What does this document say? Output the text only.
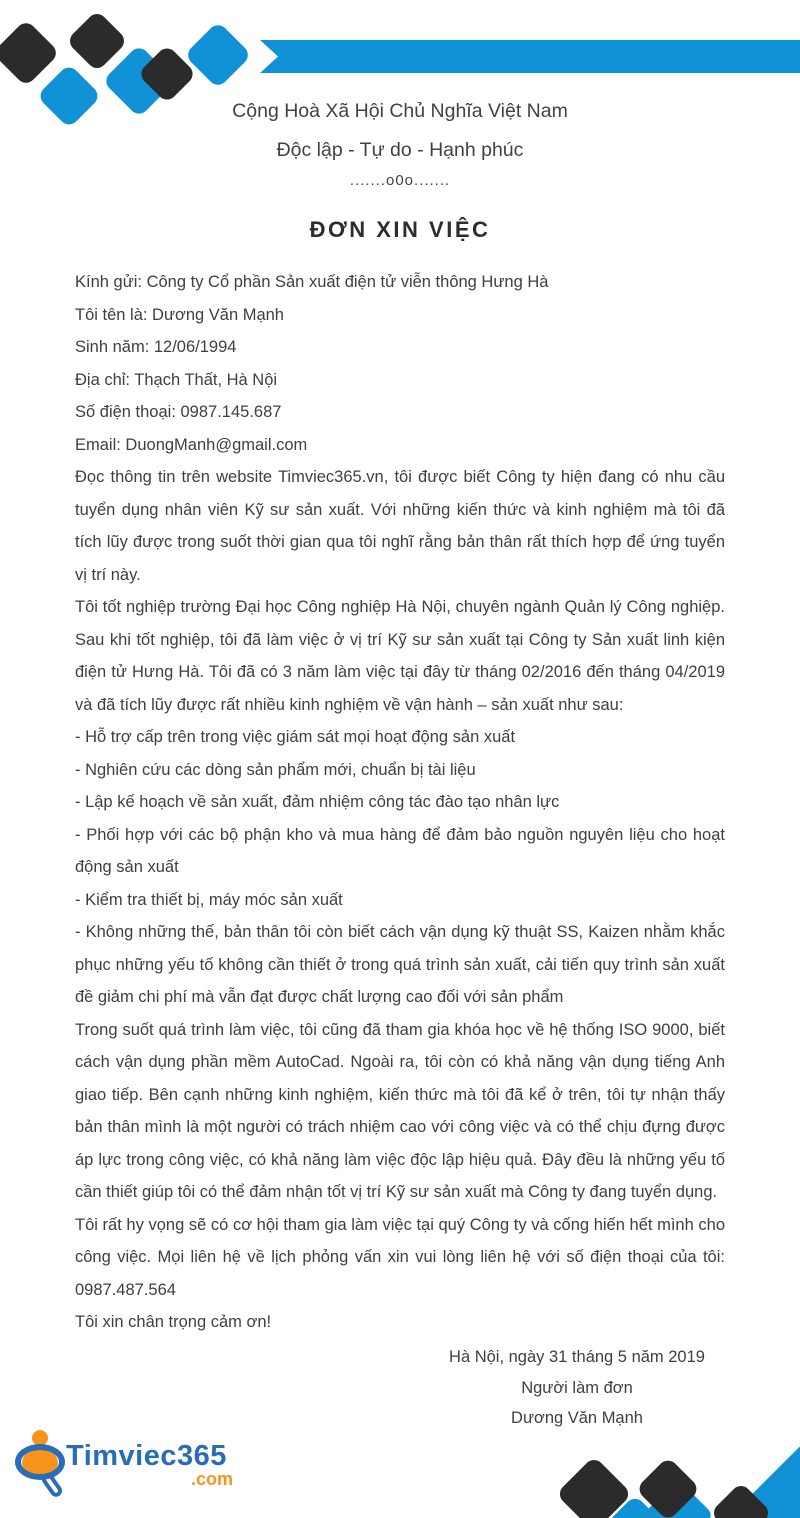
Cộng Hoà Xã Hội Chủ Nghĩa Việt Nam
Độc lập - Tự do - Hạnh phúc
.......o0o.......
ĐƠN XIN VIỆC

Kính gửi: Công ty Cổ phần Sản xuất điện tử viễn thông Hưng Hà

Tôi tên là: Dương Văn Mạnh

Sinh năm: 12/06/1994

Địa chỉ: Thạch Thất, Hà Nội

Số điện thoại: 0987.145.687

Email: DuongManh@gmail.com

Đọc thông tin trên website Timviec365.vn, tôi được biết Công ty hiện đang có nhu cầu tuyển dụng nhân viên Kỹ sư sản xuất. Với những kiến thức và kinh nghiệm mà tôi đã tích lũy được trong suốt thời gian qua tôi nghĩ rằng bản thân rất thích hợp để ứng tuyển vị trí này.

Tôi tốt nghiệp trường Đại học Công nghiệp Hà Nội, chuyên ngành Quản lý Công nghiệp. Sau khi tốt nghiệp, tôi đã làm việc ở vị trí Kỹ sư sản xuất tại Công ty Sản xuất linh kiện điện tử Hưng Hà. Tôi đã có 3 năm làm việc tại đây từ tháng 02/2016 đến tháng 04/2019 và đã tích lũy được rất nhiều kinh nghiệm về vận hành – sản xuất như sau:

- Hỗ trợ cấp trên trong việc giám sát mọi hoạt động sản xuất

- Nghiên cứu các dòng sản phẩm mới, chuẩn bị tài liệu

- Lập kế hoạch về sản xuất, đảm nhiệm công tác đào tạo nhân lực

- Phối hợp với các bộ phận kho và mua hàng để đảm bảo nguồn nguyên liệu cho hoạt động sản xuất

- Kiểm tra thiết bị, máy móc sản xuất

- Không những thế, bản thân tôi còn biết cách vận dụng kỹ thuật SS, Kaizen nhằm khắc phục những yếu tố không cần thiết ở trong quá trình sản xuất, cải tiến quy trình sản xuất đề giảm chi phí mà vẫn đạt được chất lượng cao đối với sản phẩm

Trong suốt quá trình làm việc, tôi cũng đã tham gia khóa học về hệ thống ISO 9000, biết cách vận dụng phần mềm AutoCad. Ngoài ra, tôi còn có khả năng vận dụng tiếng Anh giao tiếp. Bên cạnh những kinh nghiệm, kiến thức mà tôi đã kể ở trên, tôi tự nhận thấy bản thân mình là một người có trách nhiệm cao với công việc và có thể chịu đựng được áp lực trong công việc, có khả năng làm việc độc lập hiệu quả. Đây đều là những yếu tố cần thiết giúp tôi có thể đảm nhận tốt vị trí Kỹ sư sản xuất mà Công ty đang tuyển dụng.

Tôi rất hy vọng sẽ có cơ hội tham gia làm việc tại quý Công ty và cống hiến hết mình cho công việc. Mọi liên hệ về lịch phỏng vấn xin vui lòng liên hệ với số điện thoại của tôi: 0987.487.564

Tôi xin chân trọng cảm ơn!

Hà Nội, ngày 31 tháng 5 năm 2019
Người làm đơn
Dương Văn Mạnh
Timviec365
.com
